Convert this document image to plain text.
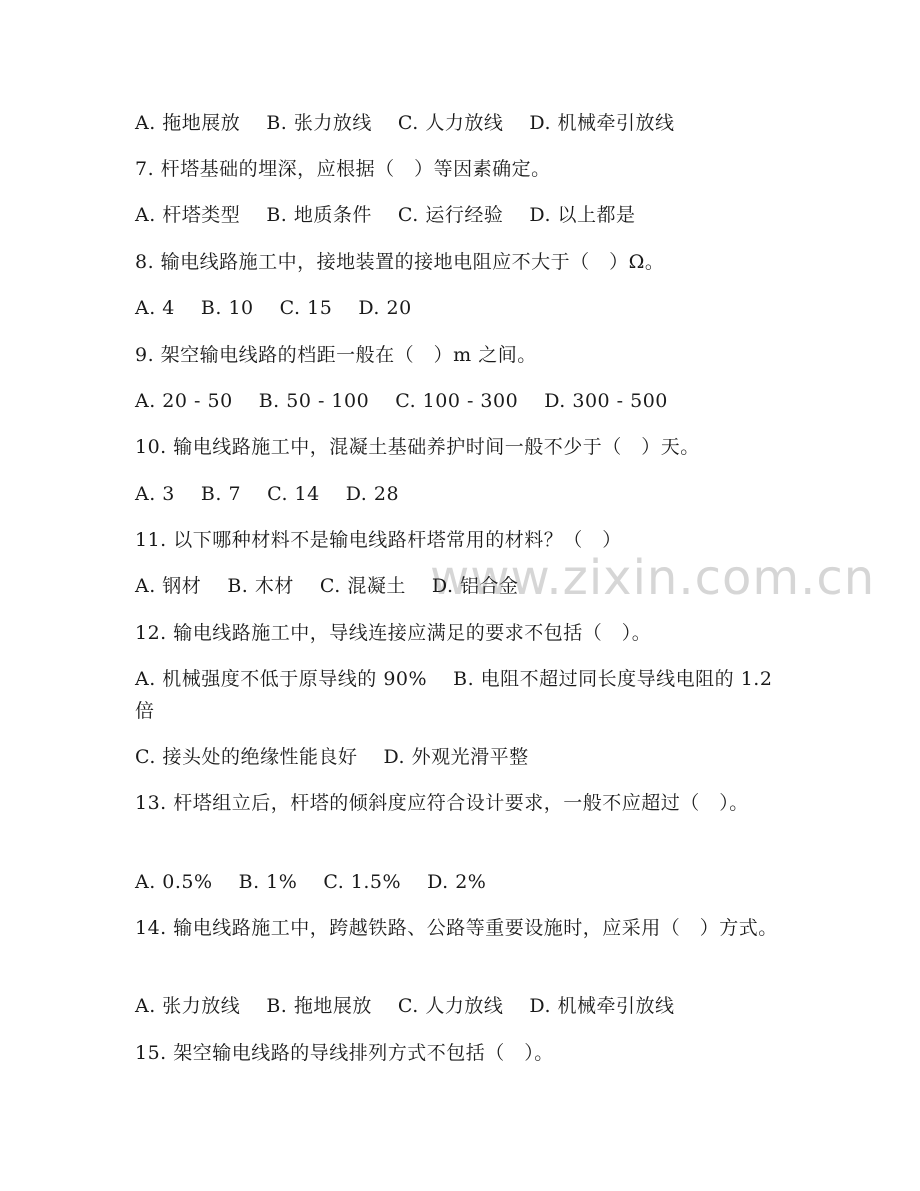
www.zixin.com.cn
A. 拖地展放　 B. 张力放线　 C. 人力放线　 D. 机械牵引放线
7. 杆塔基础的埋深，应根据（　）等因素确定。
A. 杆塔类型　 B. 地质条件　 C. 运行经验　 D. 以上都是
8. 输电线路施工中，接地装置的接地电阻应不大于（　）Ω。
A. 4　 B. 10　 C. 15　 D. 20
9. 架空输电线路的档距一般在（　）m 之间。
A. 20 - 50　 B. 50 - 100　 C. 100 - 300　 D. 300 - 500
10. 输电线路施工中，混凝土基础养护时间一般不少于（　）天。
A. 3　 B. 7　 C. 14　 D. 28
11. 以下哪种材料不是输电线路杆塔常用的材料？（　）
A. 钢材　 B. 木材　 C. 混凝土　 D. 铝合金
12. 输电线路施工中，导线连接应满足的要求不包括（　）。
A. 机械强度不低于原导线的 90%　 B. 电阻不超过同长度导线电阻的 1.2 倍
C. 接头处的绝缘性能良好　 D. 外观光滑平整
13. 杆塔组立后，杆塔的倾斜度应符合设计要求，一般不应超过（　）。
A. 0.5%　 B. 1%　 C. 1.5%　 D. 2%
14. 输电线路施工中，跨越铁路、公路等重要设施时，应采用（　）方式。
A. 张力放线　 B. 拖地展放　 C. 人力放线　 D. 机械牵引放线
15. 架空输电线路的导线排列方式不包括（　）。
